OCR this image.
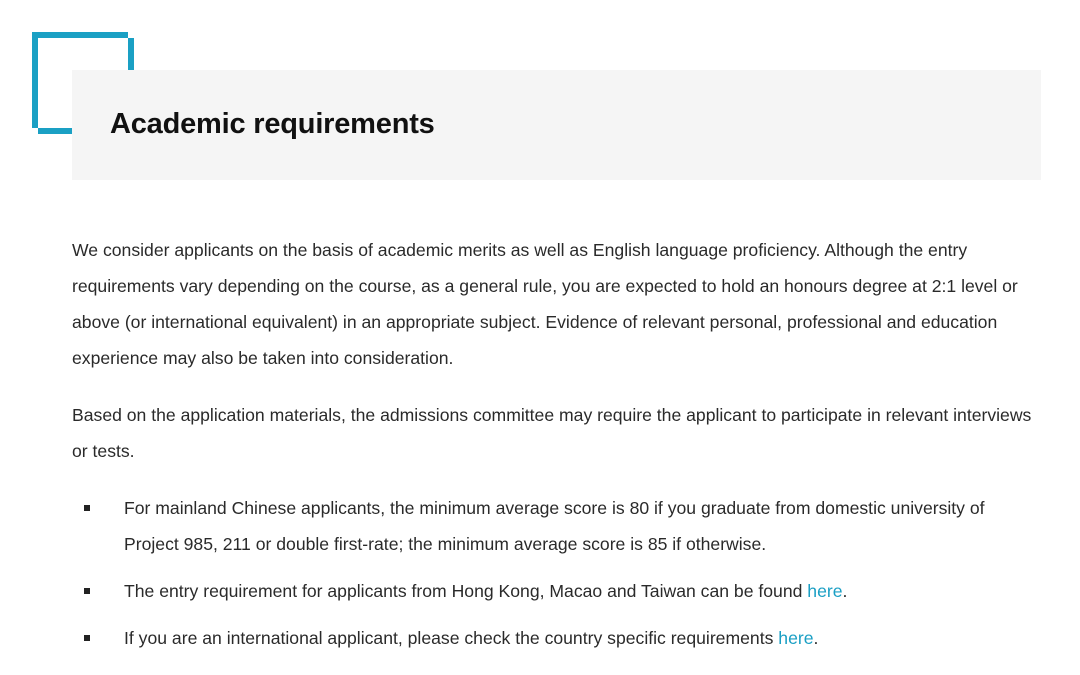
Academic requirements

We consider applicants on the basis of academic merits as well as English language proficiency. Although the entry requirements vary depending on the course, as a general rule, you are expected to hold an honours degree at 2:1 level or above (or international equivalent) in an appropriate subject. Evidence of relevant personal, professional and education experience may also be taken into consideration.

Based on the application materials, the admissions committee may require the applicant to participate in relevant interviews or tests.

For mainland Chinese applicants, the minimum average score is 80 if you graduate from domestic university of Project 985, 211 or double first-rate; the minimum average score is 85 if otherwise.
The entry requirement for applicants from Hong Kong, Macao and Taiwan can be found here.
If you are an international applicant, please check the country specific requirements here.
